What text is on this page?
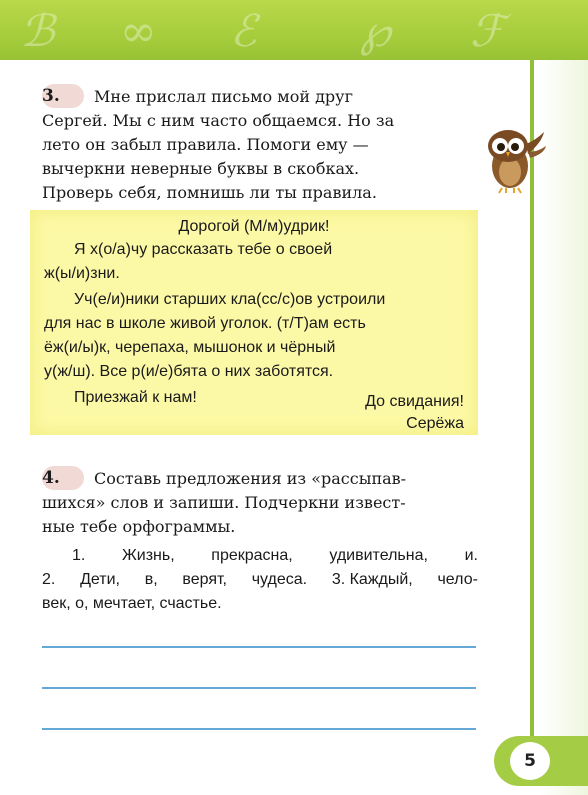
ℬ ∞ ℰ ℘ ℱ
3. Мне прислал письмо мой друг
Сергей. Мы с ним часто общаемся. Но за
лето он забыл правила. Помоги ему —
вычеркни неверные буквы в скобках.
Проверь себя, помнишь ли ты правила.
Дорогой (М/м)удрик!
Я х(о/а)чу рассказать тебе о своей
ж(ы/и)зни.
Уч(е/и)ники старших кла(сс/с)ов устроили
для нас в школе живой уголок. (т/Т)ам есть
ёж(и/ы)к, черепаха, мышонок и чёрный
у(ж/ш). Все р(и/е)бята о них заботятся.
Приезжай к нам!	До свидания!
Серёжа
4. Составь предложения из «рассыпав-
шихся» слов и запиши. Подчеркни извест-
ные тебе орфограммы.
1. Жизнь, прекрасна, удивительна, и.
2. Дети, в, верят, чудеса. 3. Каждый, чело-
век,
о,
мечтает,
счастье.
5
